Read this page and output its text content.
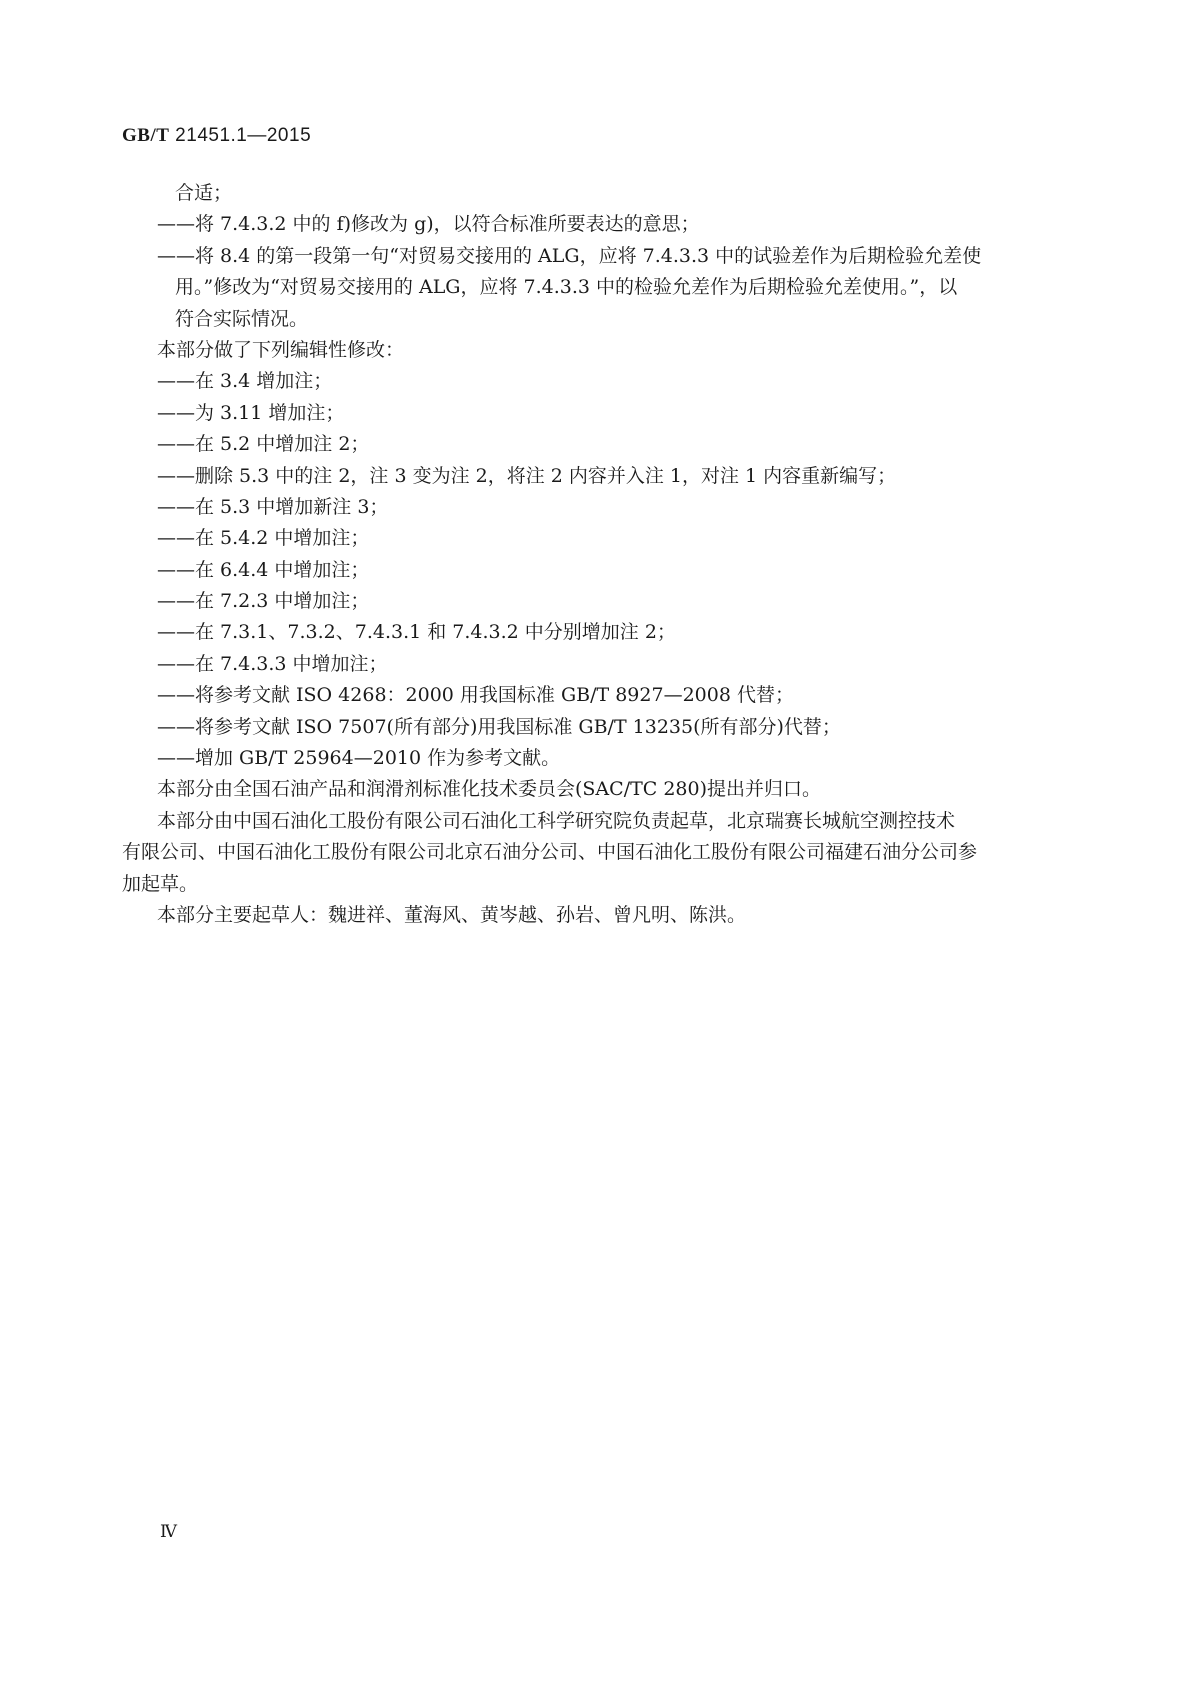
GB/T 21451.1—2015
合适；
——将 7.4.3.2 中的 f)修改为 g)，以符合标准所要表达的意思；
——将 8.4 的第一段第一句“对贸易交接用的 ALG，应将 7.4.3.3 中的试验差作为后期检验允差使
用。”修改为“对贸易交接用的 ALG，应将 7.4.3.3 中的检验允差作为后期检验允差使用。”，以
符合实际情况。
本部分做了下列编辑性修改：
——在 3.4 增加注；
——为 3.11 增加注；
——在 5.2 中增加注 2；
——删除 5.3 中的注 2，注 3 变为注 2，将注 2 内容并入注 1，对注 1 内容重新编写；
——在 5.3 中增加新注 3；
——在 5.4.2 中增加注；
——在 6.4.4 中增加注；
——在 7.2.3 中增加注；
——在 7.3.1、7.3.2、7.4.3.1 和 7.4.3.2 中分别增加注 2；
——在 7.4.3.3 中增加注；
——将参考文献 ISO 4268：2000 用我国标准 GB/T 8927—2008 代替；
——将参考文献 ISO 7507(所有部分)用我国标准 GB/T 13235(所有部分)代替；
——增加 GB/T 25964—2010 作为参考文献。
本部分由全国石油产品和润滑剂标准化技术委员会(SAC/TC 280)提出并归口。
本部分由中国石油化工股份有限公司石油化工科学研究院负责起草，北京瑞赛长城航空测控技术
有限公司、中国石油化工股份有限公司北京石油分公司、中国石油化工股份有限公司福建石油分公司参
加起草。
本部分主要起草人：魏进祥、董海风、黄岑越、孙岩、曾凡明、陈洪。
Ⅳ
